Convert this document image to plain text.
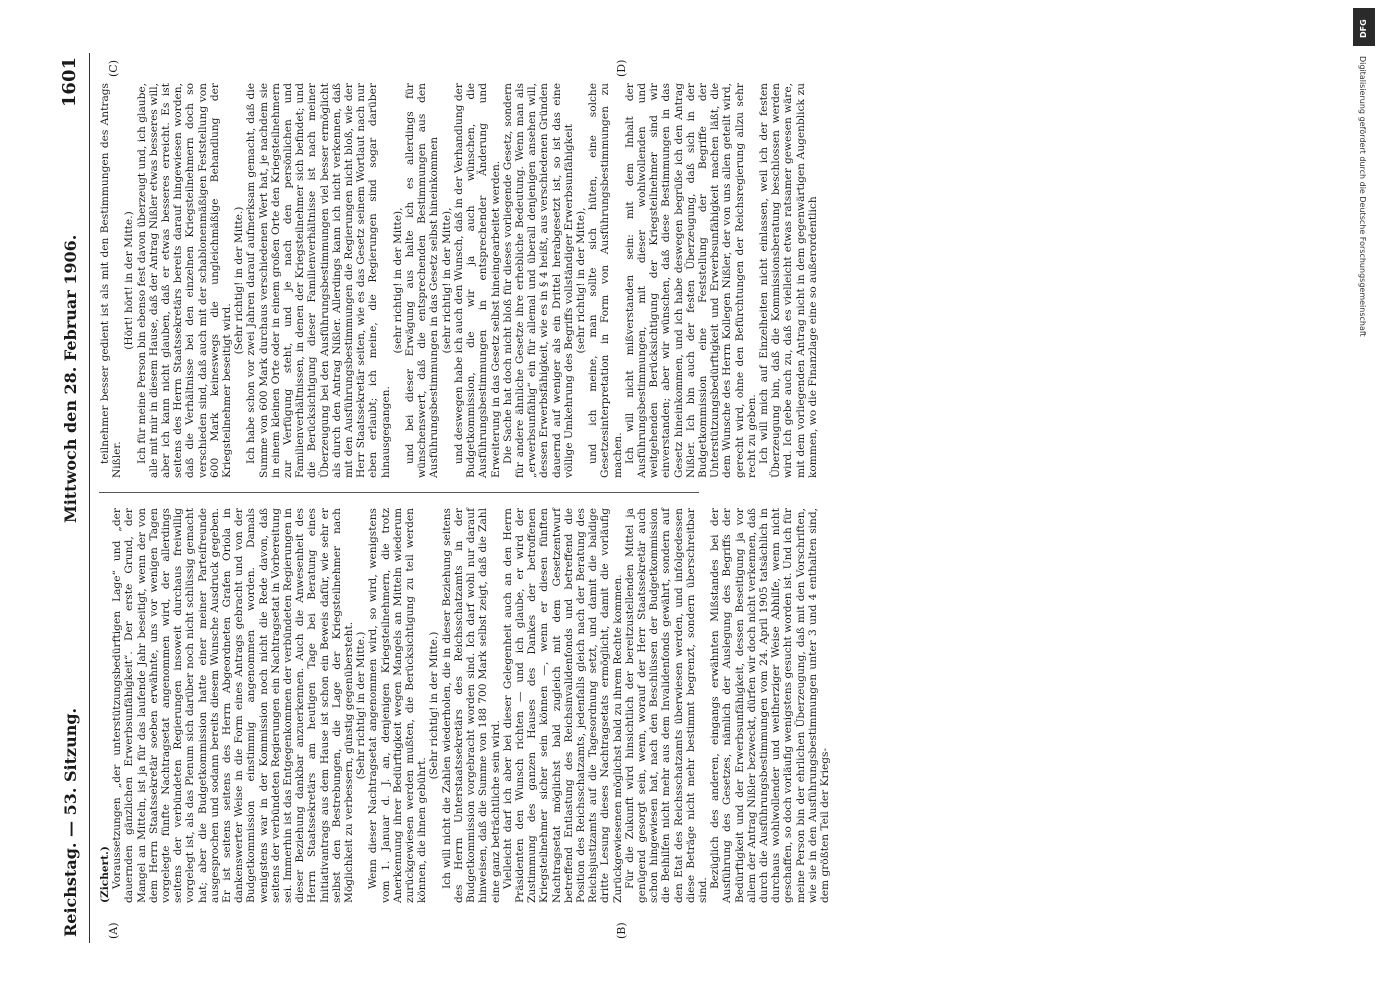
Reichstag. — 53. Sitzung.
Mittwoch den 28. Februar 1906.
1601
(A)	(B)
(C)	(D)

(Zichert.) Voraussetzungen „der unterstützungsbedürftigen Lage“ und „der dauernden gänzlichen Erwerbsunfähigkeit“. Der erste Grund, der Mangel an Mitteln, ist ja für das laufende Jahr beseitigt, wenn der von dem Herrn Staatssekretär soeben erwähnte, uns vor wenigen Tagen vorgelegte fünfte Nachtragsetat angenommen wird, der allerdings seitens der verbündeten Regierungen insoweit durchaus freiwillig vorgelegt ist, als das Plenum sich darüber noch nicht schlüssig gemacht hat; aber die Budgetkommission hatte einer meiner Parteifreunde ausgesprochen und sodann bereits diesem Wunsche Ausdruck gegeben. Er ist seitens seitens des Herrn Abgeordneten Grafen Oriola in dankenswerter Weise in die Form eines Antrags gebracht und von der Budgetkommission einstimmig angenommen worden. Damals wenigstens war in der Kommission noch nicht die Rede davon, daß seitens der verbündeten Regierungen ein Nachtragsetat in Vorbereitung sei. Immerhin ist das Entgegenkommen der verbündeten Regierungen in dieser Beziehung dankbar anzuerkennen. Auch die Anwesenheit des Herrn Staatssekretärs am heutigen Tage bei Beratung eines Initiativantrags aus dem Hause ist schon ein Beweis dafür, wie sehr er selbst den Bestrebungen, die Lage der Kriegsteilnehmer nach Möglichkeit zu verbessern, günstig gegenübersteht. (Sehr richtig! in der Mitte.) Wenn dieser Nachtragsetat angenommen wird, so wird, wenigstens vom 1. Januar d. J. an, denjenigen Kriegsteilnehmern, die trotz Anerkennung ihrer Bedürftigkeit wegen Mangels an Mitteln wiederum zurückgewiesen werden mußten, die Berücksichtigung zu teil werden können, die ihnen gebührt.

(Sehr richtig! in der Mitte.) Ich will nicht die Zahlen wiederholen, die in dieser Beziehung seitens des Herrn Unterstaatssekretärs des Reichsschatzamts in der Budgetkommission vorgebracht worden sind. Ich darf wohl nur darauf hinweisen, daß die Summe von 188 700 Mark selbst zeigt, daß die Zahl eine ganz beträchtliche sein wird. Vielleicht darf ich aber bei dieser Gelegenheit auch an den Herrn Präsidenten den Wunsch richten — und ich glaube, er wird der Zustimmung des ganzen Hauses des Dankes der betroffenen Kriegsteilnehmer sicher sein können —, wenn er diesen fünften Nachtragsetat möglichst bald zugleich mit dem Gesetzentwurf betreffend Entlastung des Reichsinvalidenfonds und betreffend die Position des Reichsschatzamts, jedenfalls gleich nach der Beratung des Reichsjustizamts auf die Tagesordnung setzt, und damit die baldige dritte Lesung dieses Nachtragsetats ermöglicht, damit die vorläufig Zurückgewiesenen möglichst bald zu ihrem Rechte kommen. Für die Zukunft wird hinsichtlich der bereitzustellenden Mittel ja genügend gesorgt sein, wenn, worauf der Herr Staatssekretär auch schon hingewiesen hat, nach den Beschlüssen der Budgetkommission die Beihilfen nicht mehr aus dem Invalidenfonds gewährt, sondern auf den Etat des Reichsschatzamts überwiesen werden, und infolgedessen diese Beträge nicht mehr bestimmt begrenzt, sondern überschreitbar sind.

Bezüglich des anderen, eingangs erwähnten Mißstandes bei der Ausführung des Gesetzes, nämlich der Auslegung des Begriffs der Bedürftigkeit und der Erwerbsunfähigkeit, dessen Beseitigung ja vor allem der Antrag Nißler bezweckt, dürfen wir doch nicht verkennen, daß durch die Ausführungsbestimmungen vom 24. April 1905 tatsächlich in durchaus wohlwollender und weitherziger Weise Abhilfe, wenn nicht geschaffen, so doch vorläufig wenigstens gesucht worden ist. Und ich für meine Person bin der ehrlichen Überzeugung, daß mit den Vorschriften, wie sie in den Ausführungsbestimmungen unter 3 und 4 enthalten sind, dem größten Teil der Kriegs-

teilnehmer besser gedient ist als mit den Bestimmungen des Antrags Nißler.

(Hört! hört! in der Mitte.) Ich für meine Person bin ebenso fest davon überzeugt und, ich glaube, alle mit mir in diesem Hause, daß der Antrag Nißler etwas besseres will, aber ich kann nicht glauben, daß er etwas besseres erreicht. Es ist seitens des Herrn Staatssekretärs bereits darauf hingewiesen worden, daß die Verhältnisse bei den einzelnen Kriegsteilnehmern doch so verschieden sind, daß auch mit der schablonenmäßigen Feststellung von 600 Mark keineswegs die ungleichmäßige Behandlung der Kriegsteilnehmer beseitigt wird.

(Sehr richtig! in der Mitte.) Ich habe schon vor zwei Jahren darauf aufmerksam gemacht, daß die Summe von 600 Mark durchaus verschiedenen Wert hat, je nachdem sie in einem kleinen Orte oder in einem großen Orte den Kriegsteilnehmern zur Verfügung steht, und je nach den persönlichen und Familienverhältnissen, in denen der Kriegsteilnehmer sich befindet; und die Berücksichtigung dieser Familienverhältnisse ist nach meiner Überzeugung bei den Ausführungsbestimmungen viel besser ermöglicht als durch den Antrag Nißler. Allerdings kann ich nicht verkennen, daß mit den Ausführungsbestimmungen die Regierungen nicht bloß, wie der Herr Staatssekretär seiten, wie es das Gesetz seinem Wortlaut nach nur eben erlaubt; ich meine, die Regierungen sind sogar darüber hinausgegangen.

(sehr richtig! in der Mitte), und bei dieser Erwägung aus halte ich es allerdings für wünschenswert, daß die entsprechenden Bestimmungen aus den Ausführungsbestimmungen in das Gesetz selbst hineinkommen (sehr richtig! in der Mitte), und deswegen habe ich auch den Wunsch, daß in der Verhandlung der Budgetkommission, die wir ja auch wünschen, die Ausführungsbestimmungen in entsprechender Änderung und Erweiterung in das Gesetz selbst hineingearbeitet werden. Die Sache hat doch nicht bloß für dieses vorliegende Gesetz, sondern für andere ähnliche Gesetze ihre erhebliche Bedeutung. Wenn man als „erwerbsunfähig“ ein für allemal und überall denjenigen ansehen will, dessen Erwerbsfähigkeit, wie es in § 4 heißt, aus verschiedenen Gründen dauernd auf weniger als ein Drittel herabgesetzt ist, so ist das eine völlige Umkehrung des Begriffs vollständiger Erwerbsunfähigkeit (sehr richtig! in der Mitte), und ich meine, man sollte sich hüten, eine solche Gesetzesinterpretation in Form von Ausführungsbestimmungen zu machen. Ich will nicht mißverstanden sein: mit dem Inhalt der Ausführungsbestimmungen, mit dieser wohlwollenden und weitgehenden Berücksichtigung der Kriegsteilnehmer sind wir einverstanden; aber wir wünschen, daß diese Bestimmungen in das Gesetz hineinkommen, und ich habe deswegen begrüße ich den Antrag Nißler. Ich bin auch der festen Überzeugung, daß sich in der Budgetkommission eine Feststellung der Begriffe der Unterstützungsbedürftigkeit und Erwerbsunfähigkeit machen läßt, die dem Wunsche des Herrn Kollegen Nißler, der von uns allen geteilt wird, gerecht wird, ohne den Befürchtungen der Reichsregierung allzu sehr recht zu geben. Ich will mich auf Einzelheiten nicht einlassen, weil ich der festen Überzeugung bin, daß die Kommissionsberatung beschlossen werden wird. Ich gebe auch zu, daß es vielleicht etwas ratsamer gewesen wäre, mit dem vorliegenden Antrag nicht in dem gegenwärtigen Augenblick zu kommen, wo die Finanzlage eine so außerordentlich

DFG
Digitalisierung gefördert durch die Deutsche Forschungsgemeinschaft
